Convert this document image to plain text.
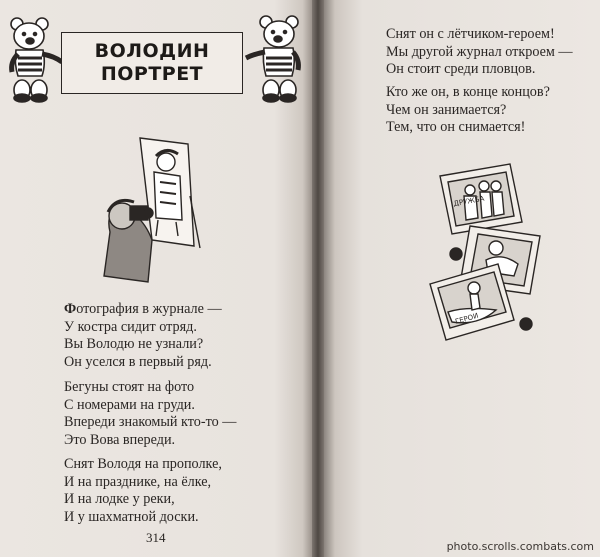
ВОЛОДИН
ПОРТРЕТ
ДРУЖБА
ГЕРОИ
Фотография в журнале —
У костра сидит отряд.
Вы Володю не узнали?
Он уселся в первый ряд.
Бегуны стоят на фото
С номерами на груди.
Впереди знакомый кто-то —
Это Вова впереди.
Снят Володя на прополке,
И на празднике, на ёлке,
И на лодке у реки,
И у шахматной доски.
314
Снят он с лётчиком-героем!
Мы другой журнал откроем —
Он стоит среди пловцов.
Кто же он, в конце концов?
Чем он занимается?
Тем, что он снимается!
photo.scrolls.combats.com
